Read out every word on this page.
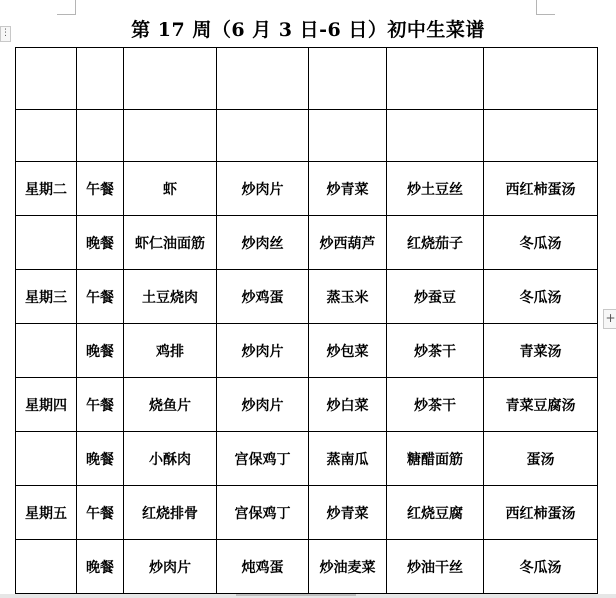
⋮	第 17 周（6 月 3 日-6 日）初中生菜谱

星期二	午餐	虾	炒肉片	炒青菜	炒土豆丝	西红柿蛋汤
	晚餐	虾仁油面筋	炒肉丝	炒西葫芦	红烧茄子	冬瓜汤
星期三	午餐	土豆烧肉	炒鸡蛋	蒸玉米	炒蚕豆	冬瓜汤
	晚餐	鸡排	炒肉片	炒包菜	炒茶干	青菜汤
星期四	午餐	烧鱼片	炒肉片	炒白菜	炒茶干	青菜豆腐汤
	晚餐	小酥肉	宫保鸡丁	蒸南瓜	糖醋面筋	蛋汤
星期五	午餐	红烧排骨	宫保鸡丁	炒青菜	红烧豆腐	西红柿蛋汤
	晚餐	炒肉片	炖鸡蛋	炒油麦菜	炒油干丝	冬瓜汤
+
